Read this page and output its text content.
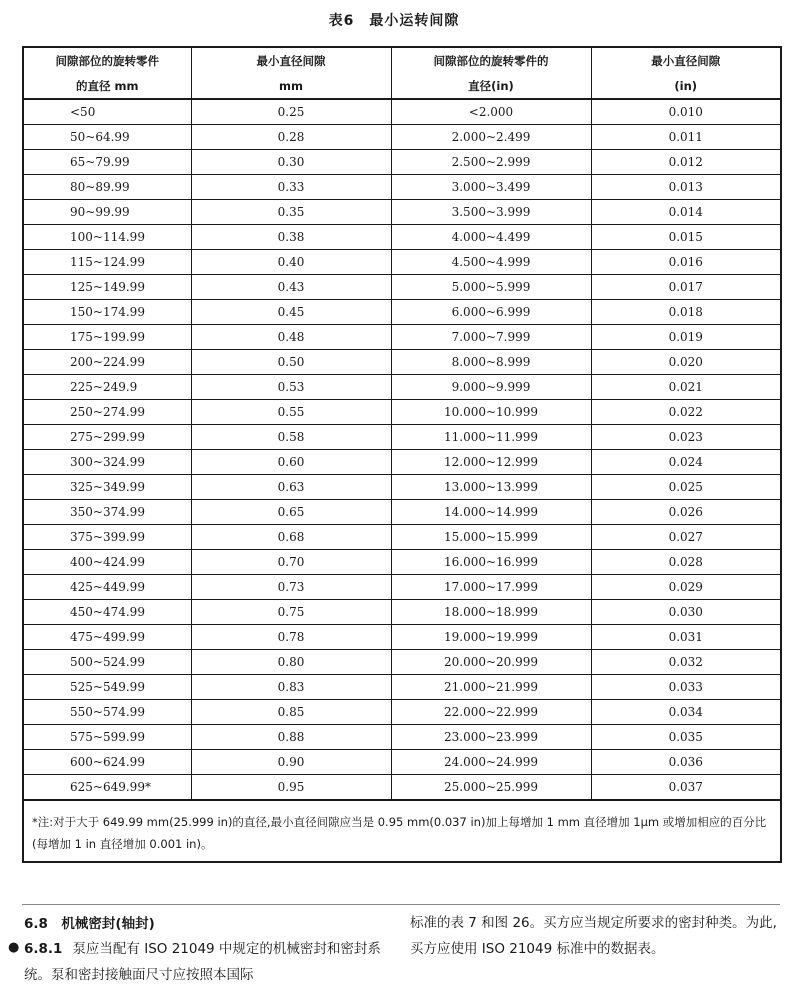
表6　最小运转间隙
间隙部位的旋转零件	最小直径间隙	间隙部位的旋转零件的	最小直径间隙
的直径 mm	mm	直径(in)	(in)
<50	0.25	<2.000	0.010
50~64.99	0.28	2.000~2.499	0.011
65~79.99	0.30	2.500~2.999	0.012
80~89.99	0.33	3.000~3.499	0.013
90~99.99	0.35	3.500~3.999	0.014
100~114.99	0.38	4.000~4.499	0.015
115~124.99	0.40	4.500~4.999	0.016
125~149.99	0.43	5.000~5.999	0.017
150~174.99	0.45	6.000~6.999	0.018
175~199.99	0.48	7.000~7.999	0.019
200~224.99	0.50	8.000~8.999	0.020
225~249.9	0.53	9.000~9.999	0.021
250~274.99	0.55	10.000~10.999	0.022
275~299.99	0.58	11.000~11.999	0.023
300~324.99	0.60	12.000~12.999	0.024
325~349.99	0.63	13.000~13.999	0.025
350~374.99	0.65	14.000~14.999	0.026
375~399.99	0.68	15.000~15.999	0.027
400~424.99	0.70	16.000~16.999	0.028
425~449.99	0.73	17.000~17.999	0.029
450~474.99	0.75	18.000~18.999	0.030
475~499.99	0.78	19.000~19.999	0.031
500~524.99	0.80	20.000~20.999	0.032
525~549.99	0.83	21.000~21.999	0.033
550~574.99	0.85	22.000~22.999	0.034
575~599.99	0.88	23.000~23.999	0.035
600~624.99	0.90	24.000~24.999	0.036
625~649.99*	0.95	25.000~25.999	0.037
*注:对于大于 649.99 mm(25.999 in)的直径,最小直径间隙应当是 0.95 mm(0.037 in)加上每增加 1 mm 直径增加 1μm 或增加相应的百分比(每增加 1 in 直径增加 0.001 in)。			
6.8　机械密封(轴封)
● 6.8.1 泵应当配有 ISO 21049 中规定的机械密封和密封系统。泵和密封接触面尺寸应按照本国际
标准的表 7 和图 26。买方应当规定所要求的密封种类。为此,买方应使用 ISO 21049 标准中的数据表。
